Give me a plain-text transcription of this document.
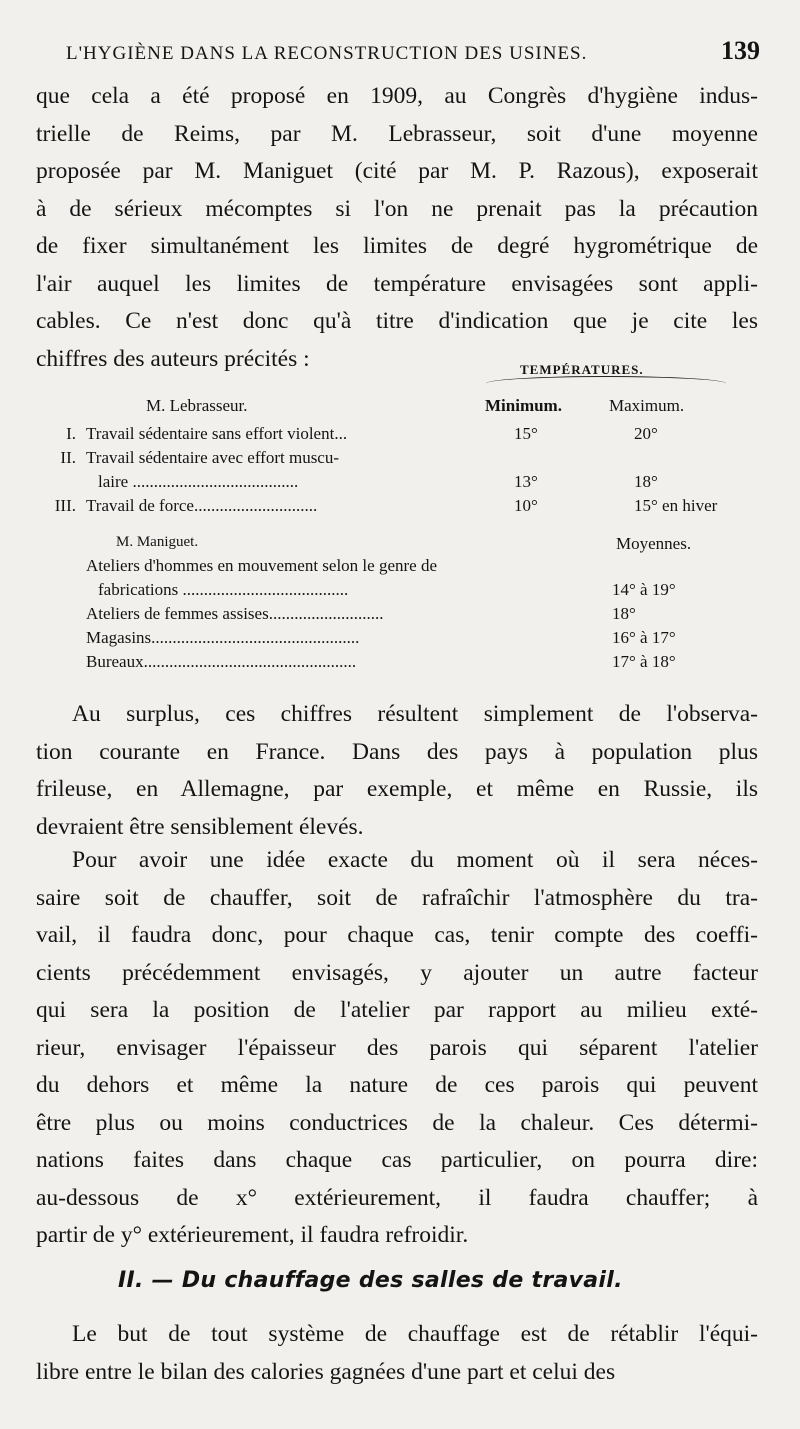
L'HYGIÈNE DANS LA RECONSTRUCTION DES USINES.	139
que cela a été proposé en 1909, au Congrès d'hygiène indus-
trielle de Reims, par M. Lebrasseur, soit d'une moyenne
proposée par M. Maniguet (cité par M. P. Razous), exposerait
à de sérieux mécomptes si l'on ne prenait pas la précaution
de fixer simultanément les limites de degré hygrométrique de
l'air auquel les limites de température envisagées sont appli-
cables. Ce n'est donc qu'à titre d'indication que je cite les
chiffres des auteurs précités :	TEMPÉRATURES.
M. Lebrasseur.	Minimum.	Maximum.
I. Travail sédentaire sans effort violent...	15°	20°
II. Travail sédentaire avec effort muscu-
laire .......................................	13°	18°
III. Travail de force.............................	10°	15° en hiver
M. Maniguet.	Moyennes.
Ateliers d'hommes en mouvement selon le genre de
fabrications .......................................	14° à 19°
Ateliers de femmes assises...........................	18°
Magasins.................................................	16° à 17°
Bureaux..................................................	17° à 18°
Au surplus, ces chiffres résultent simplement de l'observa-
tion courante en France. Dans des pays à population plus
frileuse, en Allemagne, par exemple, et même en Russie, ils
devraient être sensiblement élevés.
Pour avoir une idée exacte du moment où il sera néces-
saire soit de chauffer, soit de rafraîchir l'atmosphère du tra-
vail, il faudra donc, pour chaque cas, tenir compte des coeffi-
cients précédemment envisagés, y ajouter un autre facteur
qui sera la position de l'atelier par rapport au milieu exté-
rieur, envisager l'épaisseur des parois qui séparent l'atelier
du dehors et même la nature de ces parois qui peuvent
être plus ou moins conductrices de la chaleur. Ces détermi-
nations faites dans chaque cas particulier, on pourra dire:
au-dessous de x° extérieurement, il faudra chauffer; à
partir de y° extérieurement, il faudra refroidir.
II. — Du chauffage des salles de travail.
Le but de tout système de chauffage est de rétablir l'équi-
libre entre le bilan des calories gagnées d'une part et celui des
